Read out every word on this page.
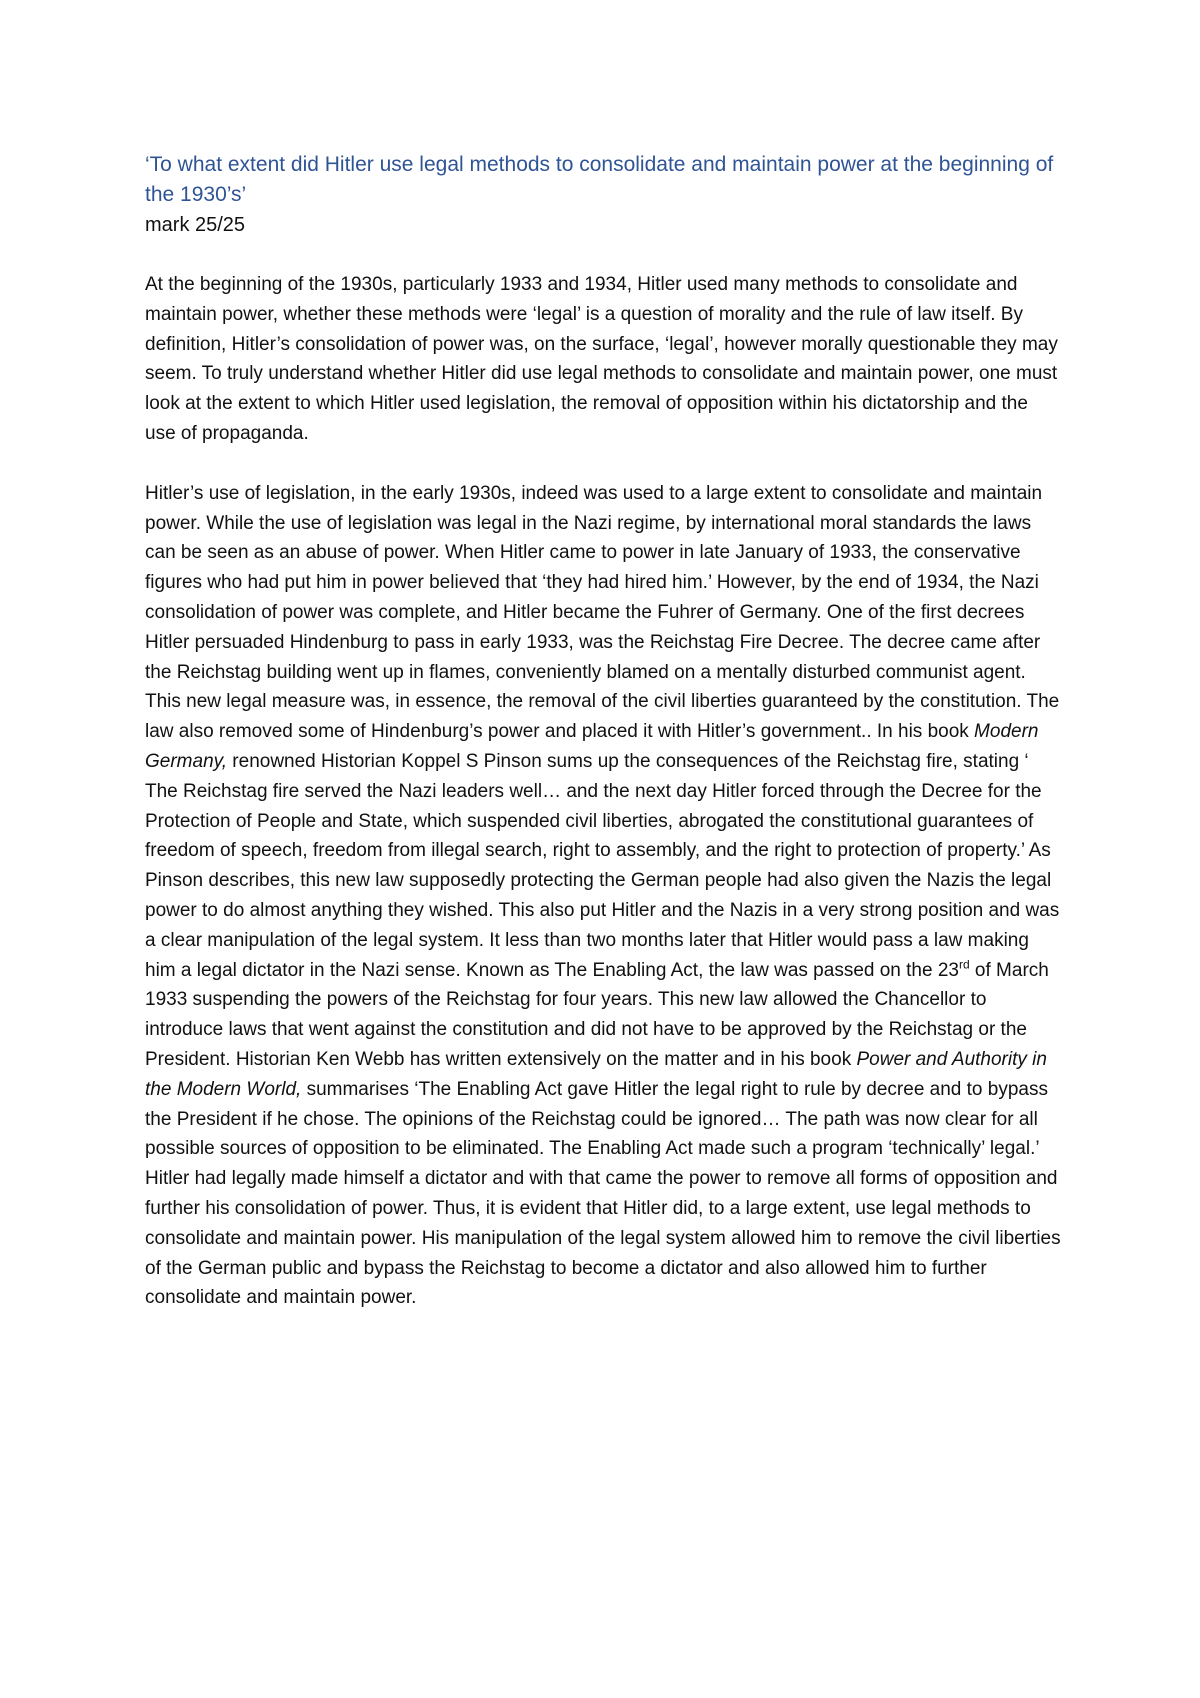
‘To what extent did Hitler use legal methods to consolidate and maintain power at the beginning of the 1930’s’

mark 25/25

At the beginning of the 1930s, particularly 1933 and 1934, Hitler used many methods to consolidate and maintain power, whether these methods were ‘legal’ is a question of morality and the rule of law itself. By definition, Hitler’s consolidation of power was, on the surface, ‘legal’, however morally questionable they may seem. To truly understand whether Hitler did use legal methods to consolidate and maintain power, one must look at the extent to which Hitler used legislation, the removal of opposition within his dictatorship and the use of propaganda.

Hitler’s use of legislation, in the early 1930s, indeed was used to a large extent to consolidate and maintain power. While the use of legislation was legal in the Nazi regime, by international moral standards the laws can be seen as an abuse of power. When Hitler came to power in late January of 1933, the conservative figures who had put him in power believed that ‘they had hired him.’ However, by the end of 1934, the Nazi consolidation of power was complete, and Hitler became the Fuhrer of Germany. One of the first decrees Hitler persuaded Hindenburg to pass in early 1933, was the Reichstag Fire Decree. The decree came after the Reichstag building went up in flames, conveniently blamed on a mentally disturbed communist agent. This new legal measure was, in essence, the removal of the civil liberties guaranteed by the constitution. The law also removed some of Hindenburg’s power and placed it with Hitler’s government.. In his book Modern Germany, renowned Historian Koppel S Pinson sums up the consequences of the Reichstag fire, stating ‘ The Reichstag fire served the Nazi leaders well… and the next day Hitler forced through the Decree for the Protection of People and State, which suspended civil liberties, abrogated the constitutional guarantees of freedom of speech, freedom from illegal search, right to assembly, and the right to protection of property.’ As Pinson describes, this new law supposedly protecting the German people had also given the Nazis the legal power to do almost anything they wished. This also put Hitler and the Nazis in a very strong position and was a clear manipulation of the legal system. It less than two months later that Hitler would pass a law making him a legal dictator in the Nazi sense. Known as The Enabling Act, the law was passed on the 23rd of March 1933 suspending the powers of the Reichstag for four years. This new law allowed the Chancellor to introduce laws that went against the constitution and did not have to be approved by the Reichstag or the President. Historian Ken Webb has written extensively on the matter and in his book Power and Authority in the Modern World, summarises ‘The Enabling Act gave Hitler the legal right to rule by decree and to bypass the President if he chose. The opinions of the Reichstag could be ignored… The path was now clear for all possible sources of opposition to be eliminated. The Enabling Act made such a program ‘technically’ legal.’ Hitler had legally made himself a dictator and with that came the power to remove all forms of opposition and further his consolidation of power. Thus, it is evident that Hitler did, to a large extent, use legal methods to consolidate and maintain power. His manipulation of the legal system allowed him to remove the civil liberties of the German public and bypass the Reichstag to become a dictator and also allowed him to further consolidate and maintain power.
